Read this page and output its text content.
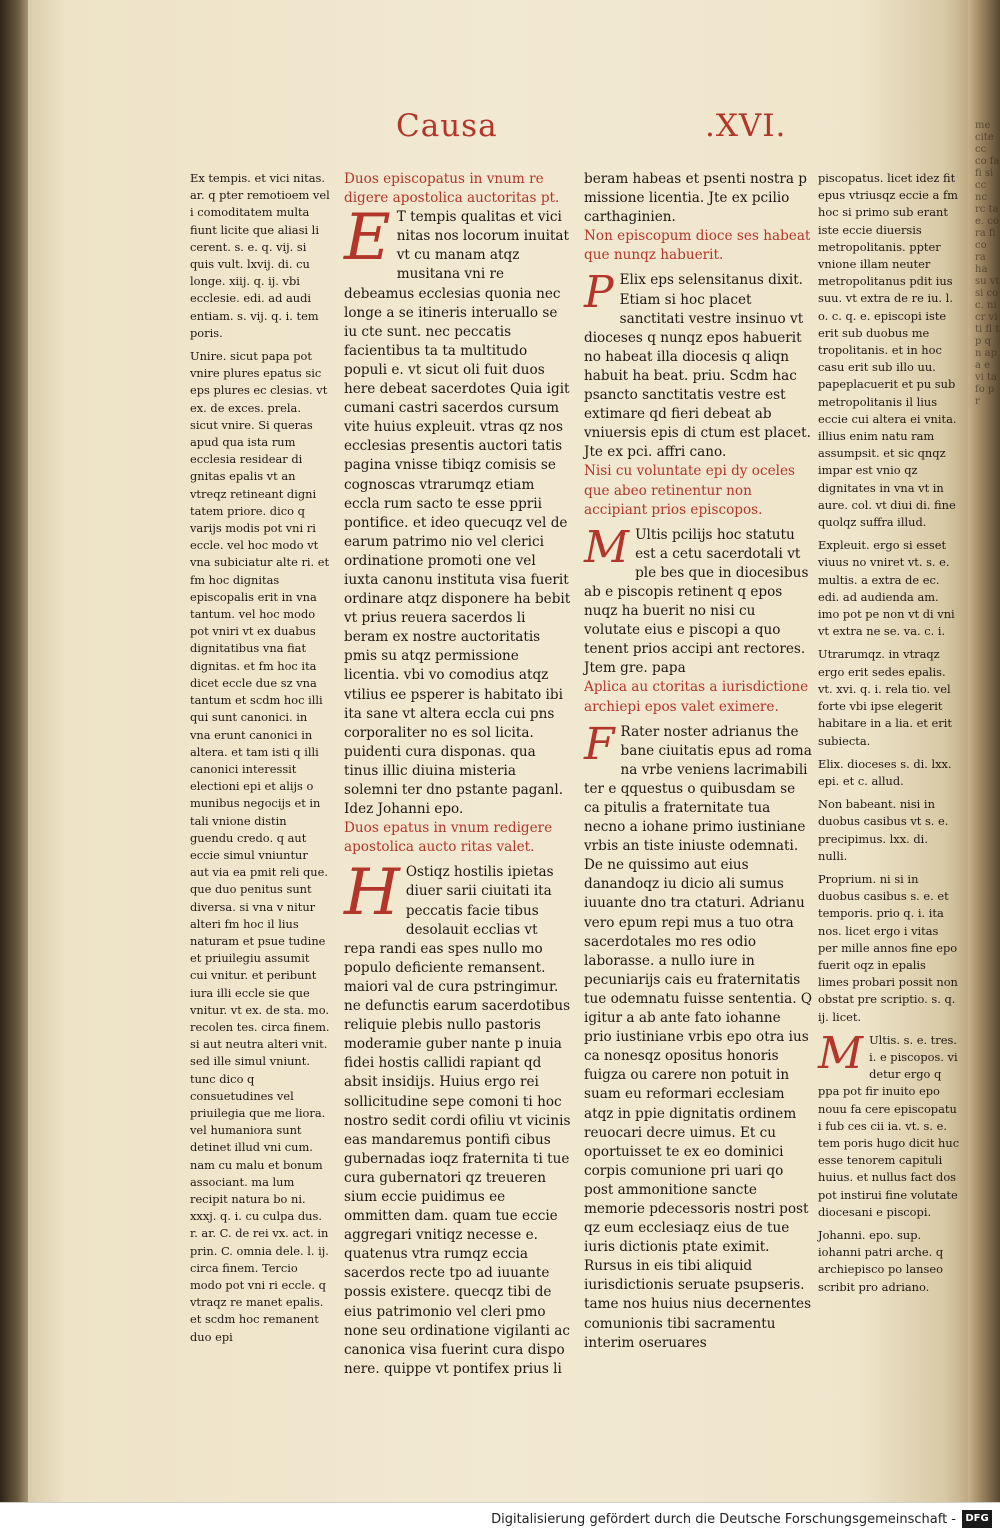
me cite cc co fa fi si cc nc rc ta e. co ra fi co ra ha su vt si co c. ni cr vi ti fl t p q n ap a e vi ta fo p r
Causa	.XVI.

Ex tempis. et vici nitas. ar. q pter remotioem vel i comoditatem multa fiunt licite que aliasi li cerent. s. e. q. vij. si quis vult. lxvij. di. cu longe. xiij. q. ij. vbi ecclesie. edi. ad audi entiam. s. vij. q. i. tem poris.

Unire. sicut papa pot vnire plures epatus sic eps plures ec clesias. vt ex. de exces. prela. sicut vnire. Si queras apud qua ista rum ecclesia residear di gnitas epalis vt an vtreqz retineant digni tatem priore. dico q varijs modis pot vni ri eccle. vel hoc modo vt vna subiciatur alte ri. et fm hoc dignitas episcopalis erit in vna tantum. vel hoc modo pot vniri vt ex duabus dignitatibus vna fiat dignitas. et fm hoc ita dicet eccle due sz vna tantum et scdm hoc illi qui sunt canonici. in vna erunt canonici in altera. et tam isti q illi canonici interessit electioni epi et alijs o munibus negocijs et in tali vnione distin guendu credo. q aut eccie simul vniuntur aut via ea pmit reli que. que duo penitus sunt diversa. si vna v nitur alteri fm hoc il lius naturam et psue tudine et priuilegiu assumit cui vnitur. et peribunt iura illi eccle sie que vnitur. vt ex. de sta. mo. recolen tes. circa finem. si aut neutra alteri vnit. sed ille simul vniunt. tunc dico q consuetudines vel priuilegia que me liora. vel humaniora sunt detinet illud vni cum. nam cu malu et bonum associant. ma lum recipit natura bo ni. xxxj. q. i. cu culpa dus. r. ar. C. de rei vx. act. in prin. C. omnia dele. l. ij. circa finem. Tercio modo pot vni ri eccle. q vtraqz re manet epalis. et scdm hoc remanent duo epi

Duos episcopatus in vnum re digere apostolica auctoritas pt.

E T tempis qualitas et vici nitas nos locorum inuitat vt cu manam atqz musitana vni re debeamus ecclesias quonia nec longe a se itineris interuallo se iu cte sunt. nec peccatis facientibus ta ta multitudo populi e. vt sicut oli fuit duos here debeat sacerdotes Quia igit cumani castri sacerdos cursum vite huius expleuit. vtras qz nos ecclesias presentis auctori tatis pagina vnisse tibiqz comisis se cognoscas vtrarumqz etiam eccla rum sacto te esse pprii pontifice. et ideo quecuqz vel de earum patrimo nio vel clerici ordinatione promoti one vel iuxta canonu instituta visa fuerit ordinare atqz disponere ha bebit vt prius reuera sacerdos li beram ex nostre auctoritatis pmis su atqz permissione licentia. vbi vo comodius atqz vtilius ee psperer is habitato ibi ita sane vt altera eccla cui pns corporaliter no es sol licita. puidenti cura disponas. qua tinus illic diuina misteria solemni ter dno pstante paganl. Idez Johanni epo.

Duos epatus in vnum redigere apostolica aucto ritas valet.

H Ostiqz hostilis ipietas diuer sarii ciuitati ita peccatis facie tibus desolauit ecclias vt repa randi eas spes nullo mo populo deficiente remansent. maiori val de cura pstringimur. ne defunctis earum sacerdotibus reliquie plebis nullo pastoris moderamie guber nante p inuia fidei hostis callidi rapiant qd absit insidijs. Huius ergo rei sollicitudine sepe comoni ti hoc nostro sedit cordi ofiliu vt vicinis eas mandaremus pontifi cibus gubernadas ioqz fraternita ti tue cura gubernatori qz treueren sium eccie puidimus ee ommitten dam. quam tue eccie aggregari vnitiqz necesse e. quatenus vtra rumqz eccia sacerdos recte tpo ad iuuante possis existere. quecqz tibi de eius patrimonio vel cleri pmo none seu ordinatione vigilanti ac canonica visa fuerint cura dispo nere. quippe vt pontifex prius li

beram habeas et psenti nostra p missione licentia. Jte ex pcilio carthaginien.

Non episcopum dioce ses habeat que nunqz habuerit.

P Elix eps selensitanus dixit. Etiam si hoc placet sanctitati vestre insinuo vt dioceses q nunqz epos habuerit no habeat illa diocesis q aliqn habuit ha beat. priu. Scdm hac psancto sanctitatis vestre est extimare qd fieri debeat ab vniuersis epis di ctum est placet. Jte ex pci. affri cano.

Nisi cu voluntate epi dy oceles que abeo retinentur non accipiant prios episcopos.

M Ultis pcilijs hoc statutu est a cetu sacerdotali vt ple bes que in diocesibus ab e piscopis retinent q epos nuqz ha buerit no nisi cu volutate eius e piscopi a quo tenent prios accipi ant rectores. Jtem gre. papa

Aplica au ctoritas a iurisdictione archiepi epos valet eximere.

F Rater noster adrianus the bane ciuitatis epus ad roma na vrbe veniens lacrimabili ter e qquestus o quibusdam se ca pitulis a fraternitate tua necno a iohane primo iustiniane vrbis an tiste iniuste odemnati. De ne quissimo aut eius danandoqz iu dicio ali sumus iuuante dno tra ctaturi. Adrianu vero epum repi mus a tuo otra sacerdotales mo res odio laborasse. a nullo iure in pecuniarijs cais eu fraternitatis tue odemnatu fuisse sententia. Q igitur a ab ante fato iohanne prio iustiniane vrbis epo otra ius ca nonesqz opositus honoris fuigza ou carere non potuit in suam eu reformari ecclesiam atqz in ppie dignitatis ordinem reuocari decre uimus. Et cu oportuisset te ex eo dominici corpis comunione pri uari qo post ammonitione sancte memorie pdecessoris nostri post qz eum ecclesiaqz eius de tue iuris dictionis ptate eximit. Rursus in eis tibi aliquid iurisdictionis seruate psupseris. tame nos huius nius decernentes comunionis tibi sacramentu interim oseruares

piscopatus. licet idez fit epus vtriusqz eccie a fm hoc si primo sub erant iste eccie diuersis metropolitanis. ppter vnione illam neuter metropolitanus pdit ius suu. vt extra de re iu. l. o. c. q. e. episcopi iste erit sub duobus me tropolitanis. et in hoc casu erit sub illo uu. papeplacuerit et pu sub metropolitanis il lius eccie cui altera ei vnita. illius enim natu ram assumpsit. et sic qnqz impar est vnio qz dignitates in vna vt in aure. col. vt diui di. fine quolqz suffra illud.

Expleuit. ergo si esset viuus no vniret vt. s. e. multis. a extra de ec. edi. ad audienda am. imo pot pe non vt di vni vt extra ne se. va. c. i.

Utrarumqz. in vtraqz ergo erit sedes epalis. vt. xvi. q. i. rela tio. vel forte vbi ipse elegerit habitare in a lia. et erit subiecta.

Elix. dioceses s. di. lxx. epi. et c. allud.

Non babeant. nisi in duobus casibus vt s. e. precipimus. lxx. di. nulli.

Proprium. ni si in duobus casibus s. e. et temporis. prio q. i. ita nos. licet ergo i vitas per mille annos fine epo fuerit oqz in epalis limes probari possit non obstat pre scriptio. s. q. ij. licet.

M Ultis. s. e. tres. i. e piscopos. vi detur ergo q ppa pot fir inuito epo nouu fa cere episcopatu i fub ces cii ia. vt. s. e. tem poris hugo dicit huc esse tenorem capituli huius. et nullus fact dos pot instirui fine volutate diocesani e piscopi.

Johanni. epo. sup. iohanni patri arche. q archiepisco po lanseo scribit pro adriano.

Digitalisierung gefördert durch die Deutsche Forschungsgemeinschaft - DFG
